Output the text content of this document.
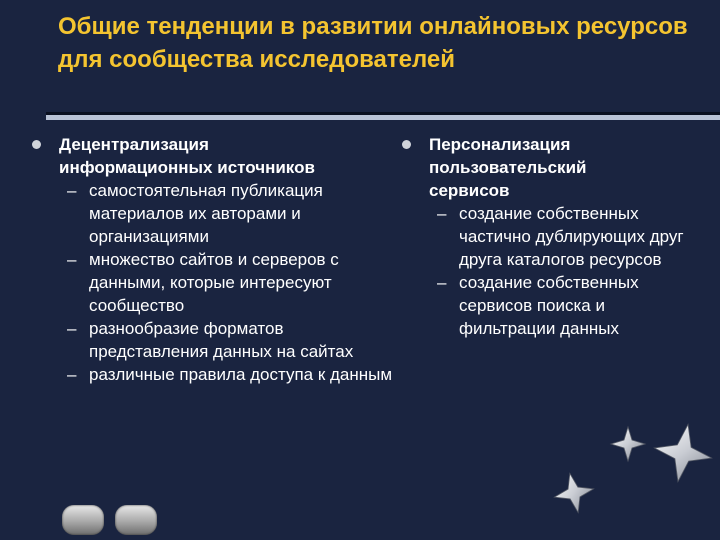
Общие тенденции в развитии онлайновых ресурсов для сообщества исследователей
Децентрализация
информационных источников
– самостоятельная публикация материалов их авторами и организациями
– множество сайтов и серверов с данными, которые интересуют сообщество
– разнообразие форматов представления данных на сайтах
– различные правила доступа к данным
Персонализация
пользовательский
сервисов
– создание собственных частично дублирующих друг друга каталогов ресурсов
– создание собственных сервисов поиска и фильтрации данных
